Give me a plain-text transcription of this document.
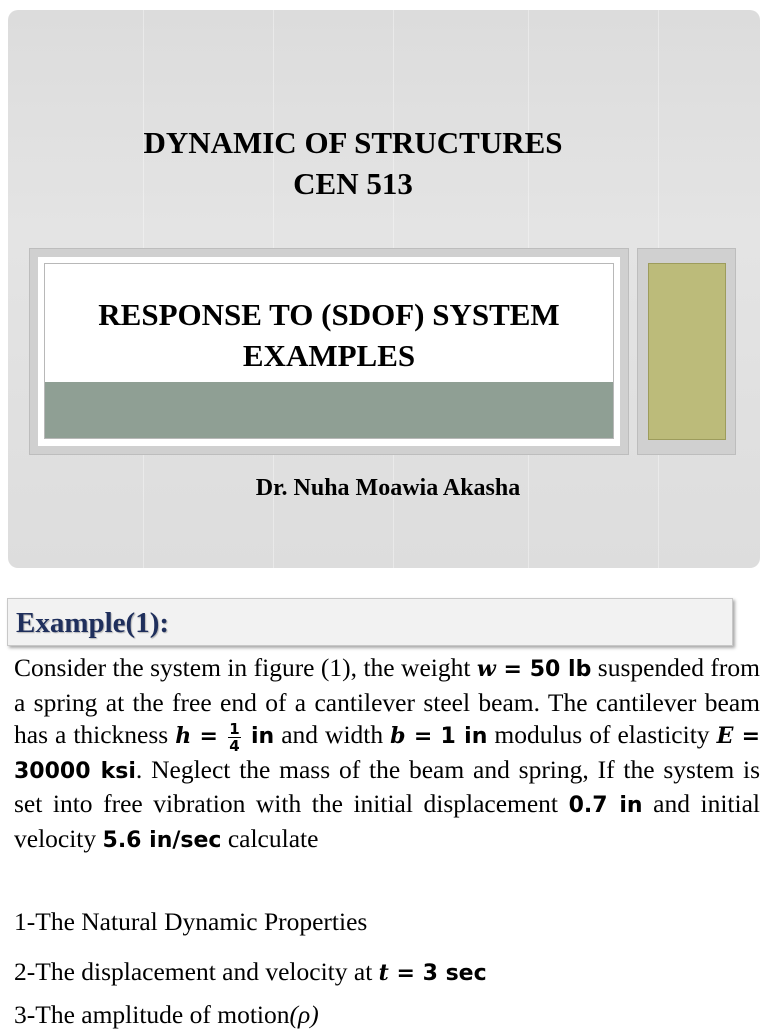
DYNAMIC OF STRUCTURES
CEN 513
RESPONSE TO (SDOF) SYSTEM
EXAMPLES
Dr. Nuha Moawia Akasha
Example(1):
Consider the system in figure (1), the weight w = 50 lb suspended from a spring at the free end of a cantilever steel beam. The cantilever beam has a thickness $h = \frac{1}{4}$ in and width b = 1 in modulus of elasticity E = 30000 ksi. Neglect the mass of the beam and spring, If the system is set into free vibration with the initial displacement 0.7 in and initial velocity 5.6 in/sec calculate
1-The Natural Dynamic Properties
2-The displacement and velocity at t = 3 sec
3-The amplitude of motion(ρ)
